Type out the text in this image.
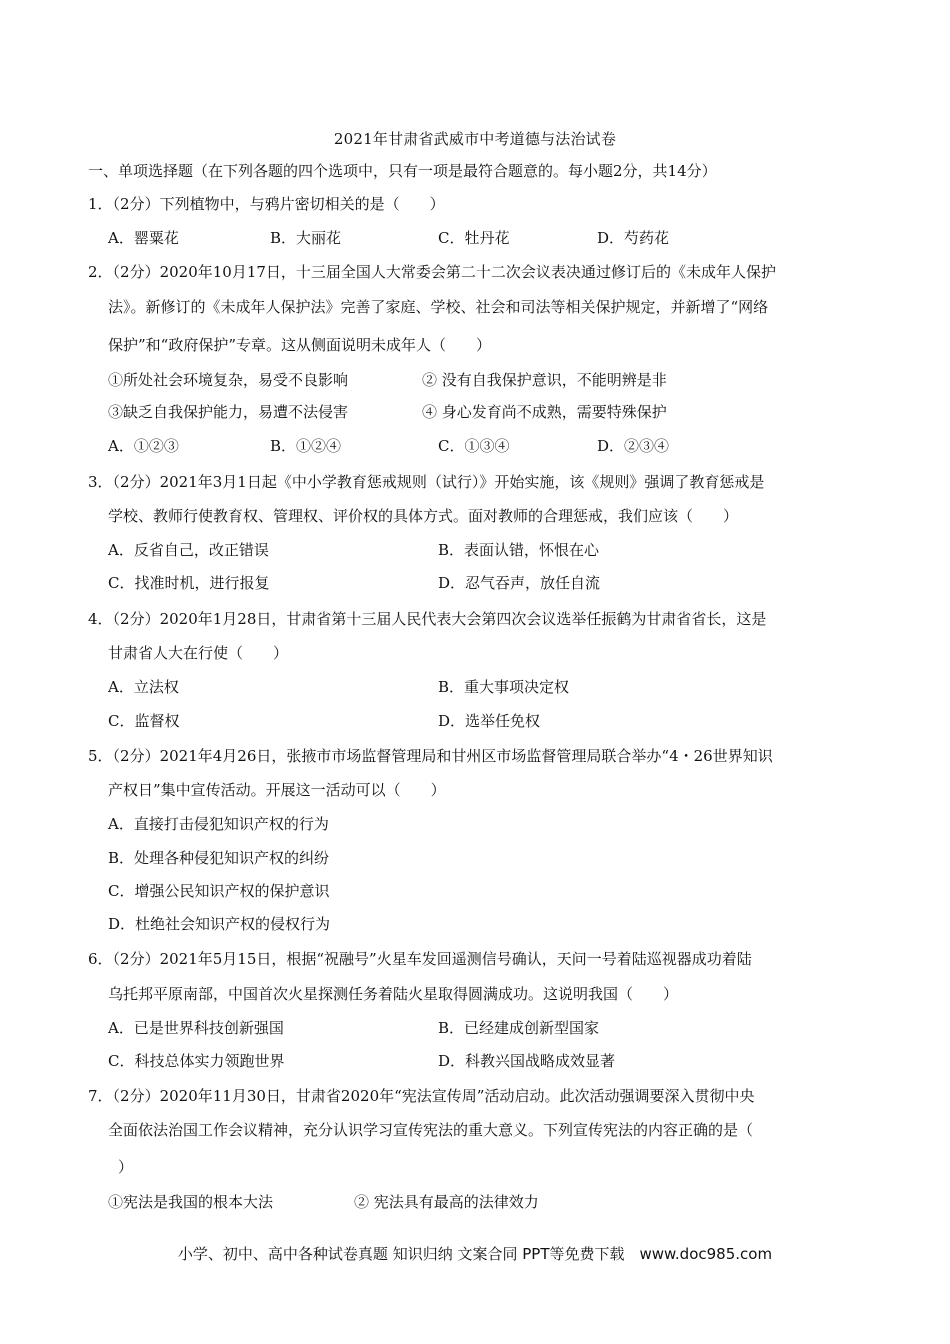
2021年甘肃省武威市中考道德与法治试卷
一、单项选择题（在下列各题的四个选项中，只有一项是最符合题意的。每小题2分，共14分）
1．（2分）下列植物中，与鸦片密切相关的是（　　）
A．罂粟花	B．大丽花	C．牡丹花	D．芍药花
2．（2分）2020年10月17日，十三届全国人大常委会第二十二次会议表决通过修订后的《未成年人保护
法》。新修订的《未成年人保护法》完善了家庭、学校、社会和司法等相关保护规定，并新增了“网络
保护”和“政府保护”专章。这从侧面说明未成年人（　　）
①所处社会环境复杂，易受不良影响	② 没有自我保护意识，不能明辨是非
③缺乏自我保护能力，易遭不法侵害	④ 身心发育尚不成熟，需要特殊保护
A．①②③	B．①②④	C．①③④	D．②③④
3．（2分）2021年3月1日起《中小学教育惩戒规则（试行）》开始实施，该《规则》强调了教育惩戒是
学校、教师行使教育权、管理权、评价权的具体方式。面对教师的合理惩戒，我们应该（　　）
A．反省自己，改正错误	B．表面认错，怀恨在心
C．找准时机，进行报复	D．忍气吞声，放任自流
4．（2分）2020年1月28日，甘肃省第十三届人民代表大会第四次会议选举任振鹤为甘肃省省长，这是
甘肃省人大在行使（　　）
A．立法权	B．重大事项决定权
C．监督权	D．选举任免权
5．（2分）2021年4月26日，张掖市市场监督管理局和甘州区市场监督管理局联合举办“4・26世界知识
产权日”集中宣传活动。开展这一活动可以（　　）
A．直接打击侵犯知识产权的行为
B．处理各种侵犯知识产权的纠纷
C．增强公民知识产权的保护意识
D．杜绝社会知识产权的侵权行为
6．（2分）2021年5月15日，根据“祝融号”火星车发回遥测信号确认，天问一号着陆巡视器成功着陆
乌托邦平原南部，中国首次火星探测任务着陆火星取得圆满成功。这说明我国（　　）
A．已是世界科技创新强国	B．已经建成创新型国家
C．科技总体实力领跑世界	D．科教兴国战略成效显著
7．（2分）2020年11月30日，甘肃省2020年“宪法宣传周”活动启动。此次活动强调要深入贯彻中央
全面依法治国工作会议精神，充分认识学习宣传宪法的重大意义。下列宣传宪法的内容正确的是（
）
①宪法是我国的根本大法	② 宪法具有最高的法律效力
小学、初中、高中各种试卷真题 知识归纳 文案合同 PPT等免费下载　www.doc985.com
